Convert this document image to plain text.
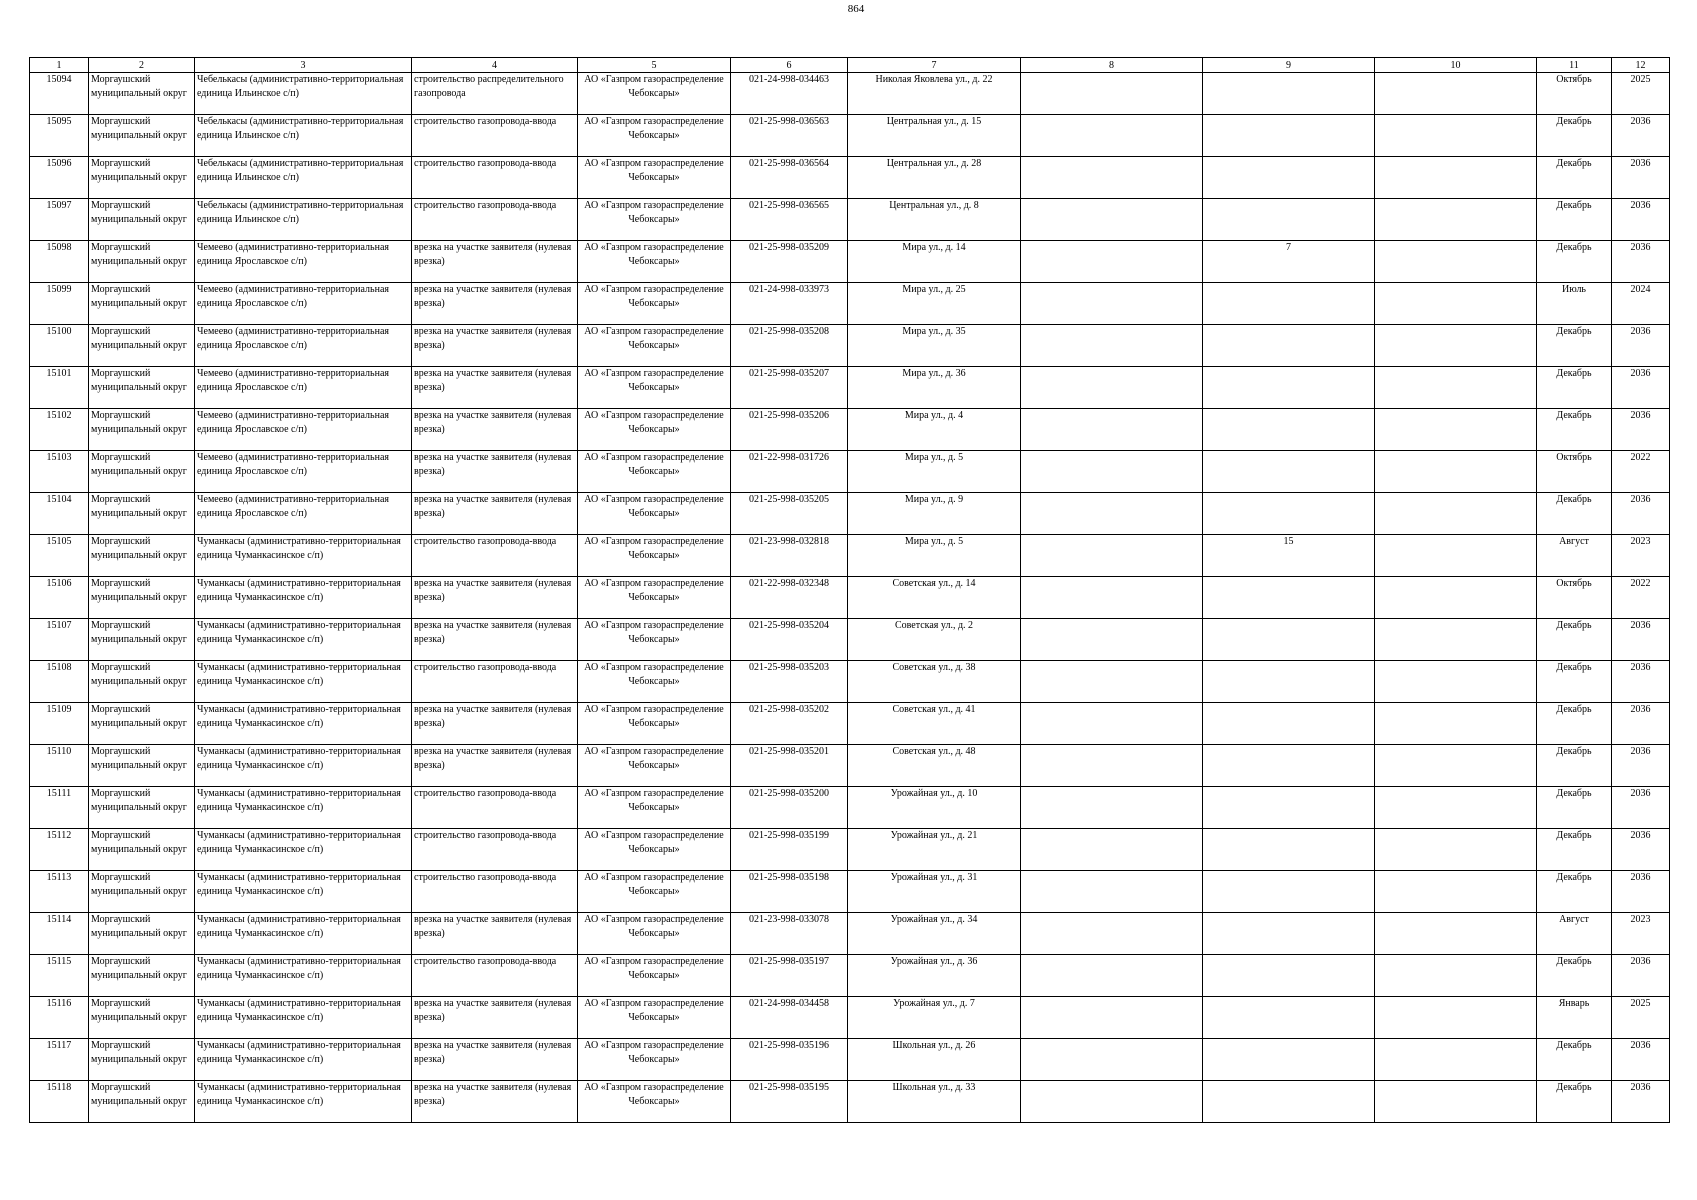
864
1	2	3	4	5	6	7	8	9	10	11	12

15094	Моргаушский муниципальный округ	Чебелькасы (административно-территориальная единица Ильинское с/п)	строительство распределительного газопровода	АО «Газпром газораспределение Чебоксары»	021-24-998-034463	Николая Яковлева ул., д. 22				Октябрь	2025

15095	Моргаушский муниципальный округ	Чебелькасы (административно-территориальная единица Ильинское с/п)	строительство газопровода-ввода	АО «Газпром газораспределение Чебоксары»	021-25-998-036563	Центральная ул., д. 15				Декабрь	2036

15096	Моргаушский муниципальный округ	Чебелькасы (административно-территориальная единица Ильинское с/п)	строительство газопровода-ввода	АО «Газпром газораспределение Чебоксары»	021-25-998-036564	Центральная ул., д. 28				Декабрь	2036

15097	Моргаушский муниципальный округ	Чебелькасы (административно-территориальная единица Ильинское с/п)	строительство газопровода-ввода	АО «Газпром газораспределение Чебоксары»	021-25-998-036565	Центральная ул., д. 8				Декабрь	2036

15098	Моргаушский муниципальный округ	Чемеево (административно-территориальная единица Ярославское с/п)	врезка на участке заявителя (нулевая врезка)	АО «Газпром газораспределение Чебоксары»	021-25-998-035209	Мира ул., д. 14		7		Декабрь	2036

15099	Моргаушский муниципальный округ	Чемеево (административно-территориальная единица Ярославское с/п)	врезка на участке заявителя (нулевая врезка)	АО «Газпром газораспределение Чебоксары»	021-24-998-033973	Мира ул., д. 25				Июль	2024

15100	Моргаушский муниципальный округ	Чемеево (административно-территориальная единица Ярославское с/п)	врезка на участке заявителя (нулевая врезка)	АО «Газпром газораспределение Чебоксары»	021-25-998-035208	Мира ул., д. 35				Декабрь	2036

15101	Моргаушский муниципальный округ	Чемеево (административно-территориальная единица Ярославское с/п)	врезка на участке заявителя (нулевая врезка)	АО «Газпром газораспределение Чебоксары»	021-25-998-035207	Мира ул., д. 36				Декабрь	2036

15102	Моргаушский муниципальный округ	Чемеево (административно-территориальная единица Ярославское с/п)	врезка на участке заявителя (нулевая врезка)	АО «Газпром газораспределение Чебоксары»	021-25-998-035206	Мира ул., д. 4				Декабрь	2036

15103	Моргаушский муниципальный округ	Чемеево (административно-территориальная единица Ярославское с/п)	врезка на участке заявителя (нулевая врезка)	АО «Газпром газораспределение Чебоксары»	021-22-998-031726	Мира ул., д. 5				Октябрь	2022

15104	Моргаушский муниципальный округ	Чемеево (административно-территориальная единица Ярославское с/п)	врезка на участке заявителя (нулевая врезка)	АО «Газпром газораспределение Чебоксары»	021-25-998-035205	Мира ул., д. 9				Декабрь	2036

15105	Моргаушский муниципальный округ	Чуманкасы (административно-территориальная единица Чуманкасинское с/п)	строительство газопровода-ввода	АО «Газпром газораспределение Чебоксары»	021-23-998-032818	Мира ул., д. 5		15		Август	2023

15106	Моргаушский муниципальный округ	Чуманкасы (административно-территориальная единица Чуманкасинское с/п)	врезка на участке заявителя (нулевая врезка)	АО «Газпром газораспределение Чебоксары»	021-22-998-032348	Советская ул., д. 14				Октябрь	2022

15107	Моргаушский муниципальный округ	Чуманкасы (административно-территориальная единица Чуманкасинское с/п)	врезка на участке заявителя (нулевая врезка)	АО «Газпром газораспределение Чебоксары»	021-25-998-035204	Советская ул., д. 2				Декабрь	2036

15108	Моргаушский муниципальный округ	Чуманкасы (административно-территориальная единица Чуманкасинское с/п)	строительство газопровода-ввода	АО «Газпром газораспределение Чебоксары»	021-25-998-035203	Советская ул., д. 38				Декабрь	2036

15109	Моргаушский муниципальный округ	Чуманкасы (административно-территориальная единица Чуманкасинское с/п)	врезка на участке заявителя (нулевая врезка)	АО «Газпром газораспределение Чебоксары»	021-25-998-035202	Советская ул., д. 41				Декабрь	2036

15110	Моргаушский муниципальный округ	Чуманкасы (административно-территориальная единица Чуманкасинское с/п)	врезка на участке заявителя (нулевая врезка)	АО «Газпром газораспределение Чебоксары»	021-25-998-035201	Советская ул., д. 48				Декабрь	2036

15111	Моргаушский муниципальный округ	Чуманкасы (административно-территориальная единица Чуманкасинское с/п)	строительство газопровода-ввода	АО «Газпром газораспределение Чебоксары»	021-25-998-035200	Урожайная ул., д. 10				Декабрь	2036

15112	Моргаушский муниципальный округ	Чуманкасы (административно-территориальная единица Чуманкасинское с/п)	строительство газопровода-ввода	АО «Газпром газораспределение Чебоксары»	021-25-998-035199	Урожайная ул., д. 21				Декабрь	2036

15113	Моргаушский муниципальный округ	Чуманкасы (административно-территориальная единица Чуманкасинское с/п)	строительство газопровода-ввода	АО «Газпром газораспределение Чебоксары»	021-25-998-035198	Урожайная ул., д. 31				Декабрь	2036

15114	Моргаушский муниципальный округ	Чуманкасы (административно-территориальная единица Чуманкасинское с/п)	врезка на участке заявителя (нулевая врезка)	АО «Газпром газораспределение Чебоксары»	021-23-998-033078	Урожайная ул., д. 34				Август	2023

15115	Моргаушский муниципальный округ	Чуманкасы (административно-территориальная единица Чуманкасинское с/п)	строительство газопровода-ввода	АО «Газпром газораспределение Чебоксары»	021-25-998-035197	Урожайная ул., д. 36				Декабрь	2036

15116	Моргаушский муниципальный округ	Чуманкасы (административно-территориальная единица Чуманкасинское с/п)	врезка на участке заявителя (нулевая врезка)	АО «Газпром газораспределение Чебоксары»	021-24-998-034458	Урожайная ул., д. 7				Январь	2025

15117	Моргаушский муниципальный округ	Чуманкасы (административно-территориальная единица Чуманкасинское с/п)	врезка на участке заявителя (нулевая врезка)	АО «Газпром газораспределение Чебоксары»	021-25-998-035196	Школьная ул., д. 26				Декабрь	2036

15118	Моргаушский муниципальный округ	Чуманкасы (административно-территориальная единица Чуманкасинское с/п)	врезка на участке заявителя (нулевая врезка)	АО «Газпром газораспределение Чебоксары»	021-25-998-035195	Школьная ул., д. 33				Декабрь	2036
